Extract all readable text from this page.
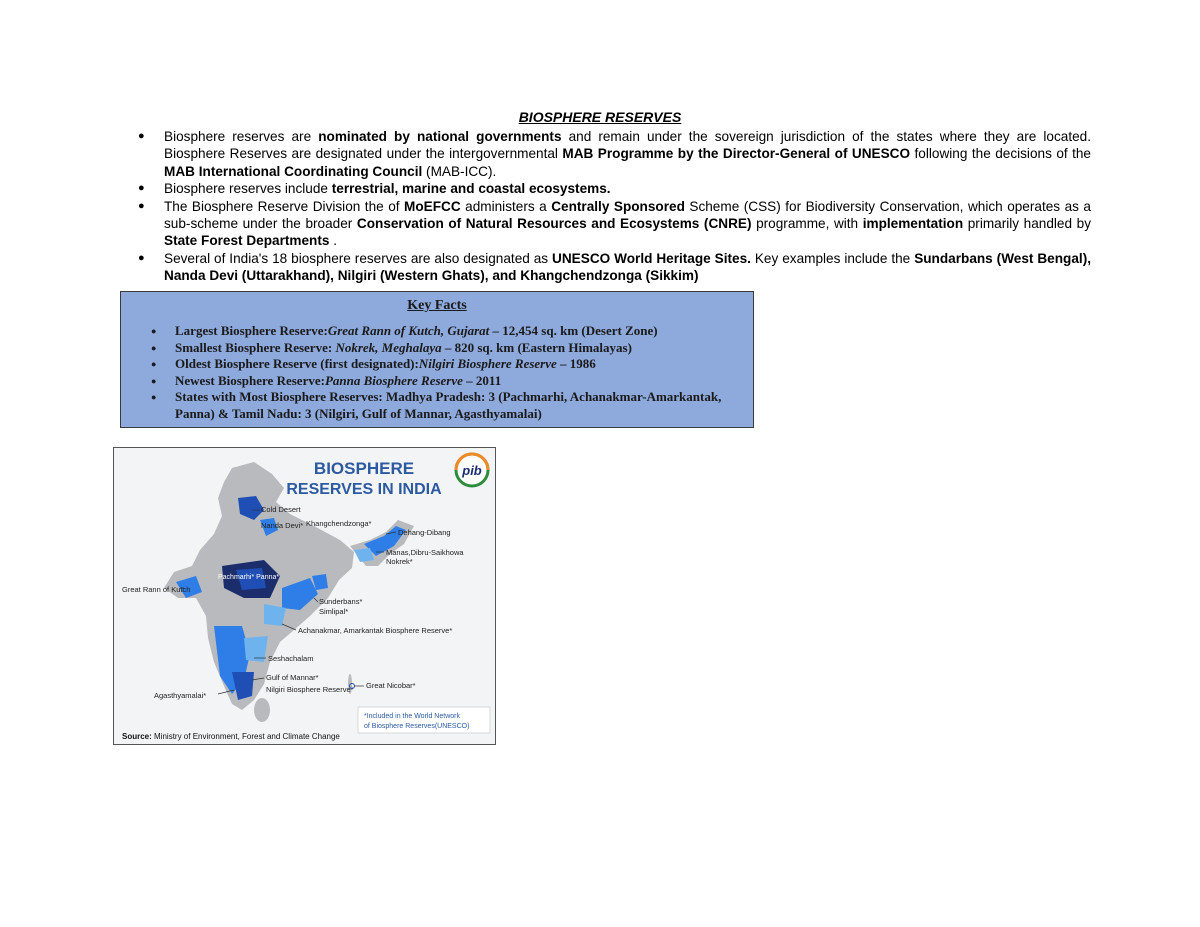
BIOSPHERE RESERVES
● Biosphere reserves are nominated by national governments and remain under the sovereign jurisdiction of the states where they are located. Biosphere Reserves are designated under the intergovernmental MAB Programme by the Director-General of UNESCO following the decisions of the MAB International Coordinating Council (MAB-ICC).
● Biosphere reserves include terrestrial, marine and coastal ecosystems.
● The Biosphere Reserve Division the of MoEFCC administers a Centrally Sponsored Scheme (CSS) for Biodiversity Conservation, which operates as a sub-scheme under the broader Conservation of Natural Resources and Ecosystems (CNRE) programme, with implementation primarily handled by State Forest Departments .
● Several of India's 18 biosphere reserves are also designated as UNESCO World Heritage Sites. Key examples include the Sundarbans (West Bengal), Nanda Devi (Uttarakhand), Nilgiri (Western Ghats), and Khangchendzonga (Sikkim)
Key Facts
● Largest Biosphere Reserve:Great Rann of Kutch, Gujarat – 12,454 sq. km (Desert Zone)
● Smallest Biosphere Reserve: Nokrek, Meghalaya – 820 sq. km (Eastern Himalayas)
● Oldest Biosphere Reserve (first designated):Nilgiri Biosphere Reserve – 1986
● Newest Biosphere Reserve:Panna Biosphere Reserve – 2011
● States with Most Biosphere Reserves: Madhya Pradesh: 3 (Pachmarhi, Achanakmar-Amarkantak, Panna) & Tamil Nadu: 3 (Nilgiri, Gulf of Mannar, Agasthyamalai)
BIOSPHERE
RESERVES IN INDIA
pib
Cold Desert
Nanda Devi* Khangchendzonga*
Dehang-Dibang
Manas,Dibru-Saikhowa
Nokrek*
Great Rann of Kutch
Pachmarhi* Panna*
Sunderbans*
Simlipal*
Achanakmar, Amarkantak Biosphere Reserve*
Seshachalam
Gulf of Mannar*
Nilgiri Biosphere Reserve*
Agasthyamalai*
Great Nicobar*
*Included in the World Network of Biosphere Reserves(UNESCO)
Source: Ministry of Environment, Forest and Climate Change
